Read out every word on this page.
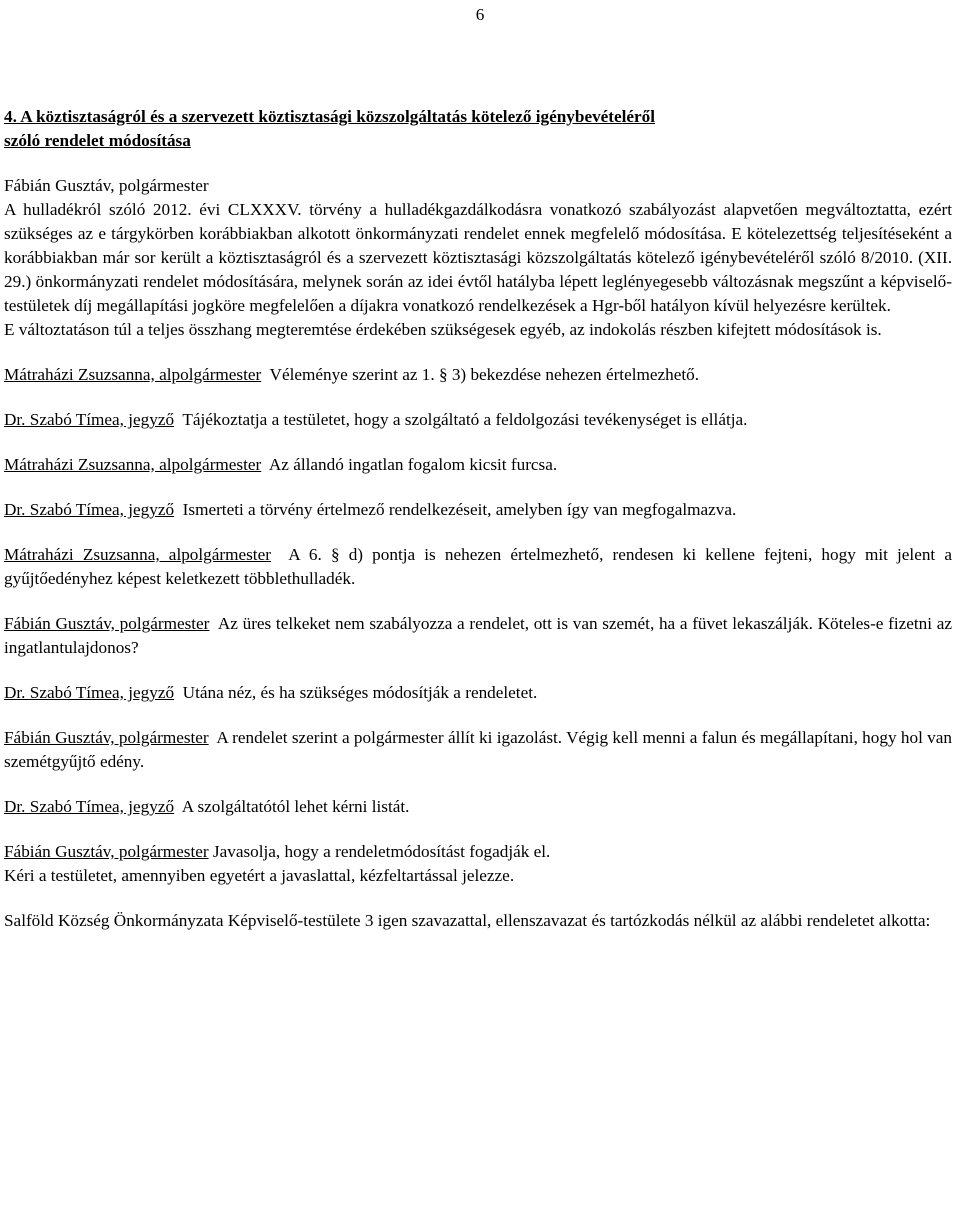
6

4. A köztisztaságról és a szervezett köztisztasági közszolgáltatás kötelező igénybevételéről

szóló rendelet módosítása

Fábián Gusztáv, polgármester

A hulladékról szóló 2012. évi CLXXXV. törvény a hulladékgazdálkodásra vonatkozó szabályozást alapvetően megváltoztatta, ezért szükséges az e tárgykörben korábbiakban alkotott önkormányzati rendelet ennek megfelelő módosítása. E kötelezettség teljesítéseként a korábbiakban már sor került a köztisztaságról és a szervezett köztisztasági közszolgáltatás kötelező igénybevételéről szóló 8/2010. (XII. 29.) önkormányzati rendelet módosítására, melynek során az idei évtől hatályba lépett leglényegesebb változásnak megszűnt a képviselő-testületek díj megállapítási jogköre megfelelően a díjakra vonatkozó rendelkezések a Hgr-ből hatályon kívül helyezésre kerültek.

E változtatáson túl a teljes összhang megteremtése érdekében szükségesek egyéb, az indokolás részben kifejtett módosítások is.

Mátraházi Zsuzsanna, alpolgármester Véleménye szerint az 1. § 3) bekezdése nehezen értelmezhető.

Dr. Szabó Tímea, jegyző Tájékoztatja a testületet, hogy a szolgáltató a feldolgozási tevékenységet is ellátja.

Mátraházi Zsuzsanna, alpolgármester Az állandó ingatlan fogalom kicsit furcsa.

Dr. Szabó Tímea, jegyző Ismerteti a törvény értelmező rendelkezéseit, amelyben így van megfogalmazva.

Mátraházi Zsuzsanna, alpolgármester A 6. § d) pontja is nehezen értelmezhető, rendesen ki kellene fejteni, hogy mit jelent a gyűjtőedényhez képest keletkezett többlethulladék.

Fábián Gusztáv, polgármester Az üres telkeket nem szabályozza a rendelet, ott is van szemét, ha a füvet lekaszálják. Köteles-e fizetni az ingatlantulajdonos?

Dr. Szabó Tímea, jegyző Utána néz, és ha szükséges módosítják a rendeletet.

Fábián Gusztáv, polgármester A rendelet szerint a polgármester állít ki igazolást. Végig kell menni a falun és megállapítani, hogy hol van szemétgyűjtő edény.

Dr. Szabó Tímea, jegyző A szolgáltatótól lehet kérni listát.

Fábián Gusztáv, polgármester Javasolja, hogy a rendeletmódosítást fogadják el.

Kéri a testületet, amennyiben egyetért a javaslattal, kézfeltartással jelezze.

Salföld Község Önkormányzata Képviselő-testülete 3 igen szavazattal, ellenszavazat és tartózkodás nélkül az alábbi rendeletet alkotta:
